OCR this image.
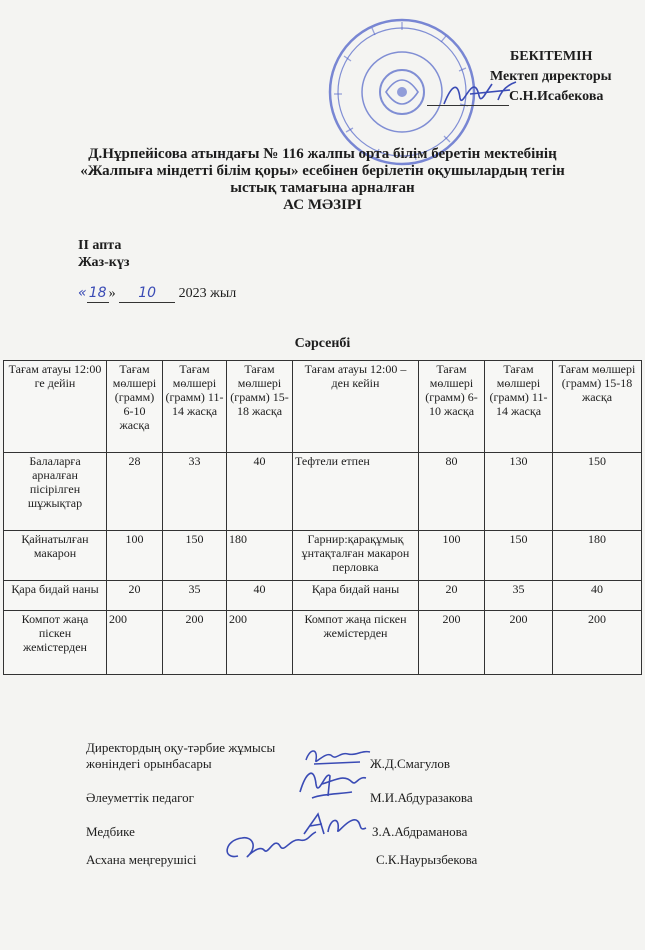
БЕКІТЕМІН
Мектеп директоры
С.Н.Исабекова
Д.Нұрпейісова атындағы № 116 жалпы орта білім беретін мектебінің
«Жалпыға міндетті білім қоры» есебінен берілетін оқушылардың тегін
ыстық тамағына арналған
АС МӘЗІРІ
ІІ апта
Жаз-күз
« 18 » 10 2023 жыл
Сәрсенбі
Тағам атауы 12:00 ге дейін	Тағам мөлшері (грамм) 6-10 жасқа	Тағам мөлшері (грамм) 11-14 жасқа	Тағам мөлшері (грамм) 15-18 жасқа	Тағам атауы 12:00 – ден кейін	Тағам мөлшері (грамм) 6-10 жасқа	Тағам мөлшері (грамм) 11-14 жасқа	Тағам мөлшері (грамм) 15-18 жасқа
Балаларға арналған пісірілген шұжықтар	28	33	40	Тефтели етпен	80	130	150
Қайнатылған макарон	100	150	180	Гарнир:қарақұмық ұнтақталған макарон перловка	100	150	180
Қара бидай наны	20	35	40	Қара бидай наны	20	35	40
Компот жаңа піскен жемістерден	200	200	200	Компот жаңа піскен жемістерден	200	200	200
Директордың оқу-тәрбие жұмысы
жөніндегі орынбасары	Ж.Д.Смагулов
Әлеуметтік педагог	М.И.Абдуразакова
Медбике	З.А.Абдраманова
Асхана меңгерушісі	С.К.Наурызбекова
